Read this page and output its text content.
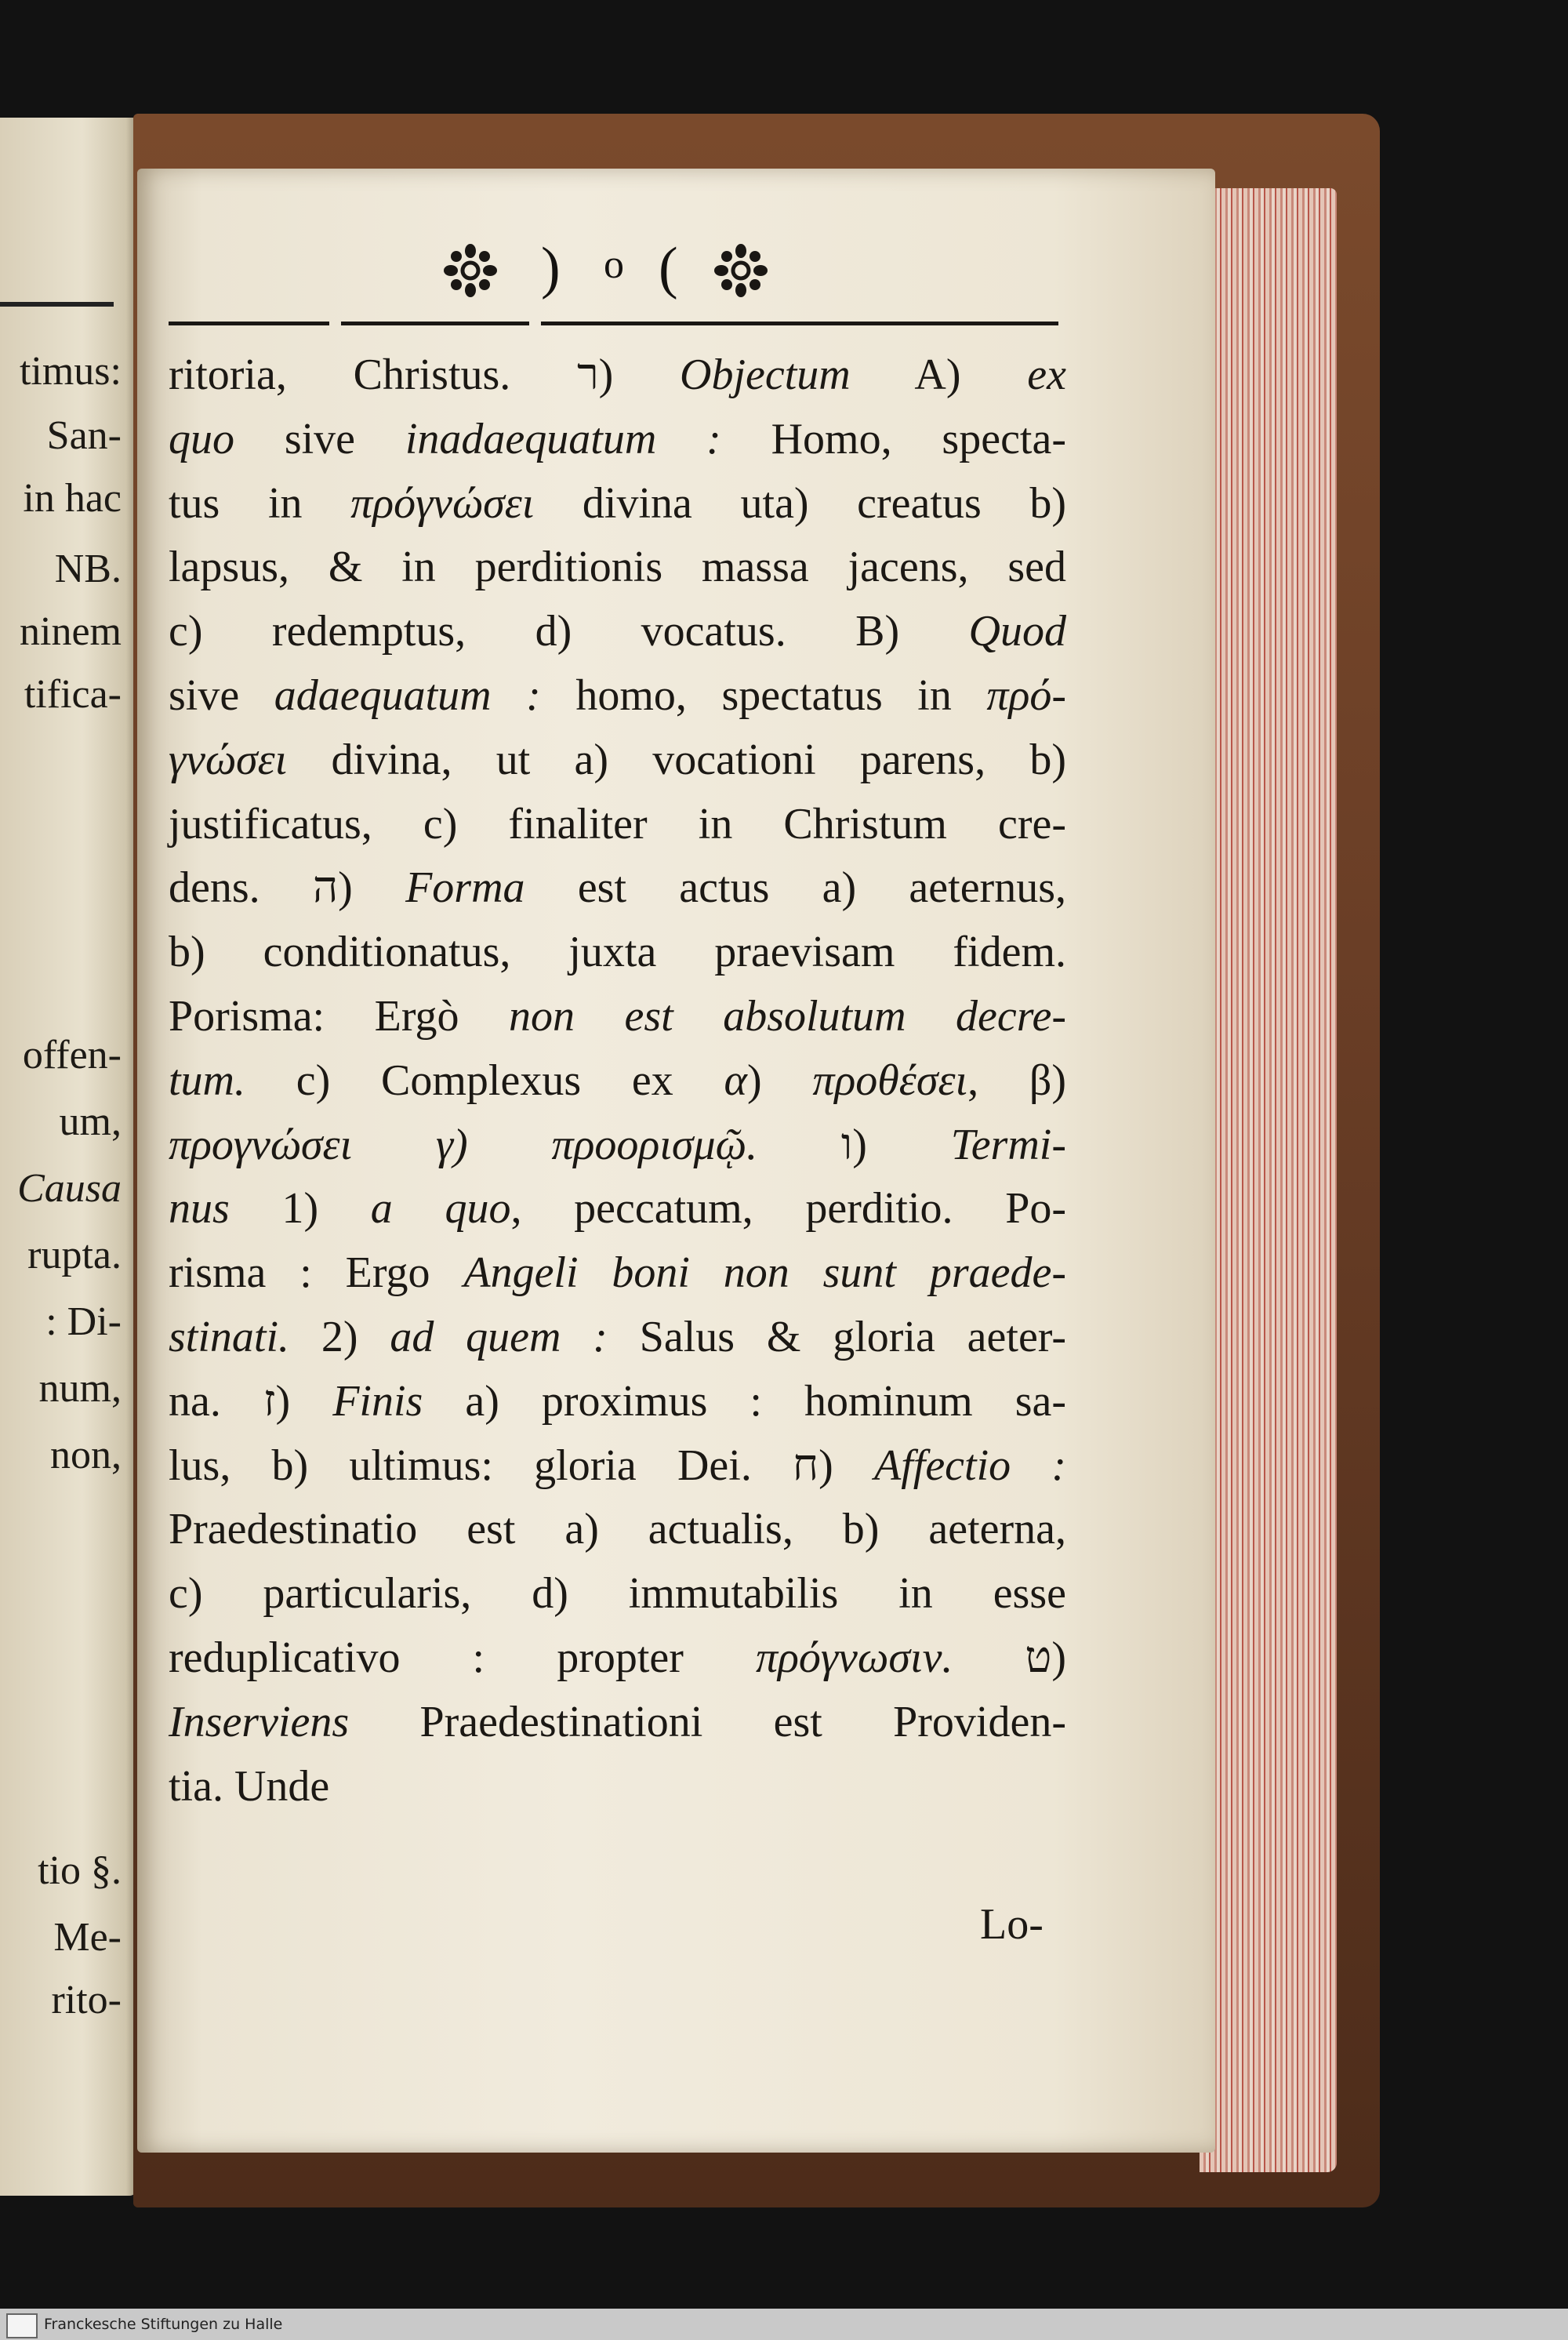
timus:
San-
in hac
NB.
ninem
tifica-
offen-
um,
Causa
rupta.
: Di-
num,
non,
tio §.
Me-
rito-
) o (
ritoria, Christus. ר) Objectum A) ex
quo sive inadaequatum : Homo, specta-
tus in πρόγνώσει divina uta) creatus b)
lapsus, & in perditionis massa jacens, sed
c) redemptus, d) vocatus. B) Quod
sive adaequatum : homo, spectatus in πρό-
γνώσει divina, ut a) vocationi parens, b)
justificatus, c) finaliter in Christum cre-
dens. ה) Forma est actus a) aeternus,
b) conditionatus, juxta praevisam fidem.
Porisma: Ergò non est absolutum decre-
tum. c) Complexus ex α) προθέσει, β)
προγνώσει γ) προορισμῷ. ו) Termi-
nus 1) a quo, peccatum, perditio. Po-
risma : Ergo Angeli boni non sunt praede-
stinati. 2) ad quem : Salus & gloria aeter-
na. ז) Finis a) proximus : hominum sa-
lus, b) ultimus: gloria Dei. ח) Affectio :
Praedestinatio est a) actualis, b) aeterna,
c) particularis, d) immutabilis in esse
reduplicativo : propter πρόγνωσιν. ט)
Inserviens Praedestinationi est Providen-
tia. Unde
Lo-
Franckesche Stiftungen zu Halle
